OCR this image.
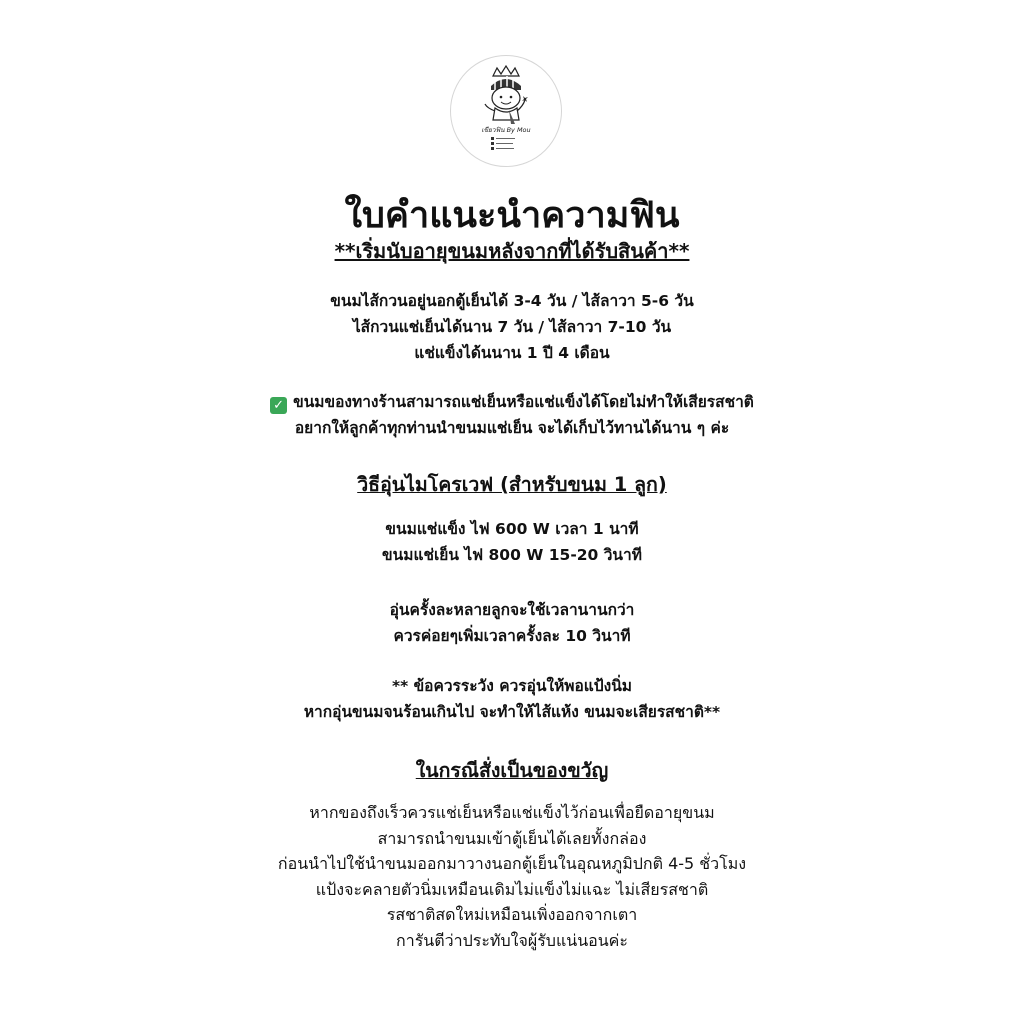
เขียวฟิน By Mou
ใบคำแนะนำความฟิน
**เริ่มนับอายุขนมหลังจากที่ได้รับสินค้า**
ขนมไส้กวนอยู่นอกตู้เย็นได้ 3-4 วัน / ไส้ลาวา 5-6 วัน
ไส้กวนแช่เย็นได้นาน 7 วัน / ไส้ลาวา 7-10 วัน
แช่แข็งได้นนาน 1 ปี 4 เดือน
✓ ขนมของทางร้านสามารถแช่เย็นหรือแช่แข็งได้โดยไม่ทำให้เสียรสชาติ
อยากให้ลูกค้าทุกท่านนำขนมแช่เย็น จะได้เก็บไว้ทานได้นาน ๆ ค่ะ
วิธีอุ่นไมโครเวฟ (สำหรับขนม 1 ลูก)
ขนมแช่แข็ง ไฟ 600 W เวลา 1 นาที
ขนมแช่เย็น ไฟ 800 W 15-20 วินาที
อุ่นครั้งละหลายลูกจะใช้เวลานานกว่า
ควรค่อยๆเพิ่มเวลาครั้งละ 10 วินาที
** ข้อควรระวัง ควรอุ่นให้พอแป้งนิ่ม
หากอุ่นขนมจนร้อนเกินไป จะทำให้ไส้แห้ง ขนมจะเสียรสชาติ**
ในกรณีสั่งเป็นของขวัญ
หากของถึงเร็วควรแช่เย็นหรือแช่แข็งไว้ก่อนเพื่อยืดอายุขนม
สามารถนำขนมเข้าตู้เย็นได้เลยทั้งกล่อง
ก่อนนำไปใช้นำขนมออกมาวางนอกตู้เย็นในอุณหภูมิปกติ 4-5 ชั่วโมง
แป้งจะคลายตัวนิ่มเหมือนเดิมไม่แข็งไม่แฉะ ไม่เสียรสชาติ
รสชาติสดใหม่เหมือนเพิ่งออกจากเตา
การันตีว่าประทับใจผู้รับแน่นอนค่ะ
